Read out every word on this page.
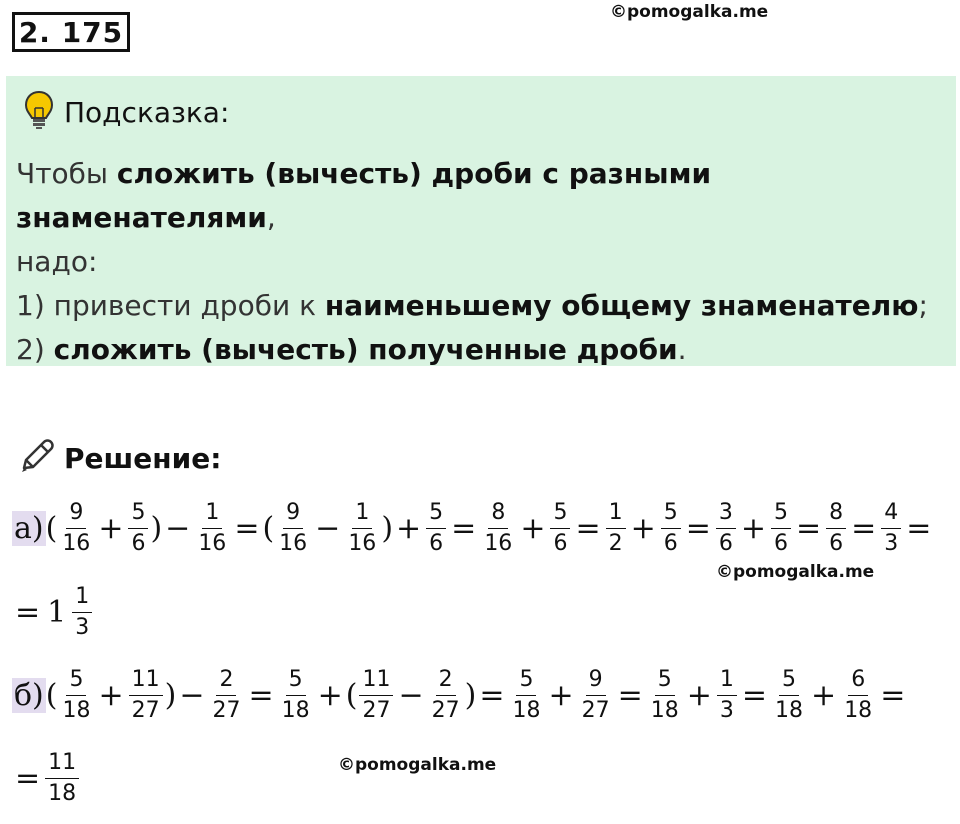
2. 175
©pomogalka.me
Подсказка:
Чтобы сложить (вычесть) дроби с разными знаменателями,
надо:
1) привести дроби к наименьшему общему знаменателю;
2) сложить (вычесть) полученные дроби.
Решение:
а) ( $\frac{9}{16} + \frac{5}{6}$ ) − $\frac{1}{16}$ = ( $\frac{9}{16} - \frac{1}{16}$ ) + $\frac{5}{6} = \frac{8}{16} + \frac{5}{6} = \frac{1}{2} + \frac{5}{6} = \frac{3}{6} + \frac{5}{6} = \frac{8}{6} = \frac{4}{3}$ =
= $1 \frac{1}{3}$
б) ( $\frac{5}{18} + \frac{11}{27}$ ) − $\frac{2}{27} = \frac{5}{18}$ + ( $\frac{11}{27} - \frac{2}{27}$ ) = $\frac{5}{18} + \frac{9}{27} = \frac{5}{18} + \frac{1}{3} = \frac{5}{18} + \frac{6}{18}$ =
= $\frac{11}{18}$
©pomogalka.me
©pomogalka.me
